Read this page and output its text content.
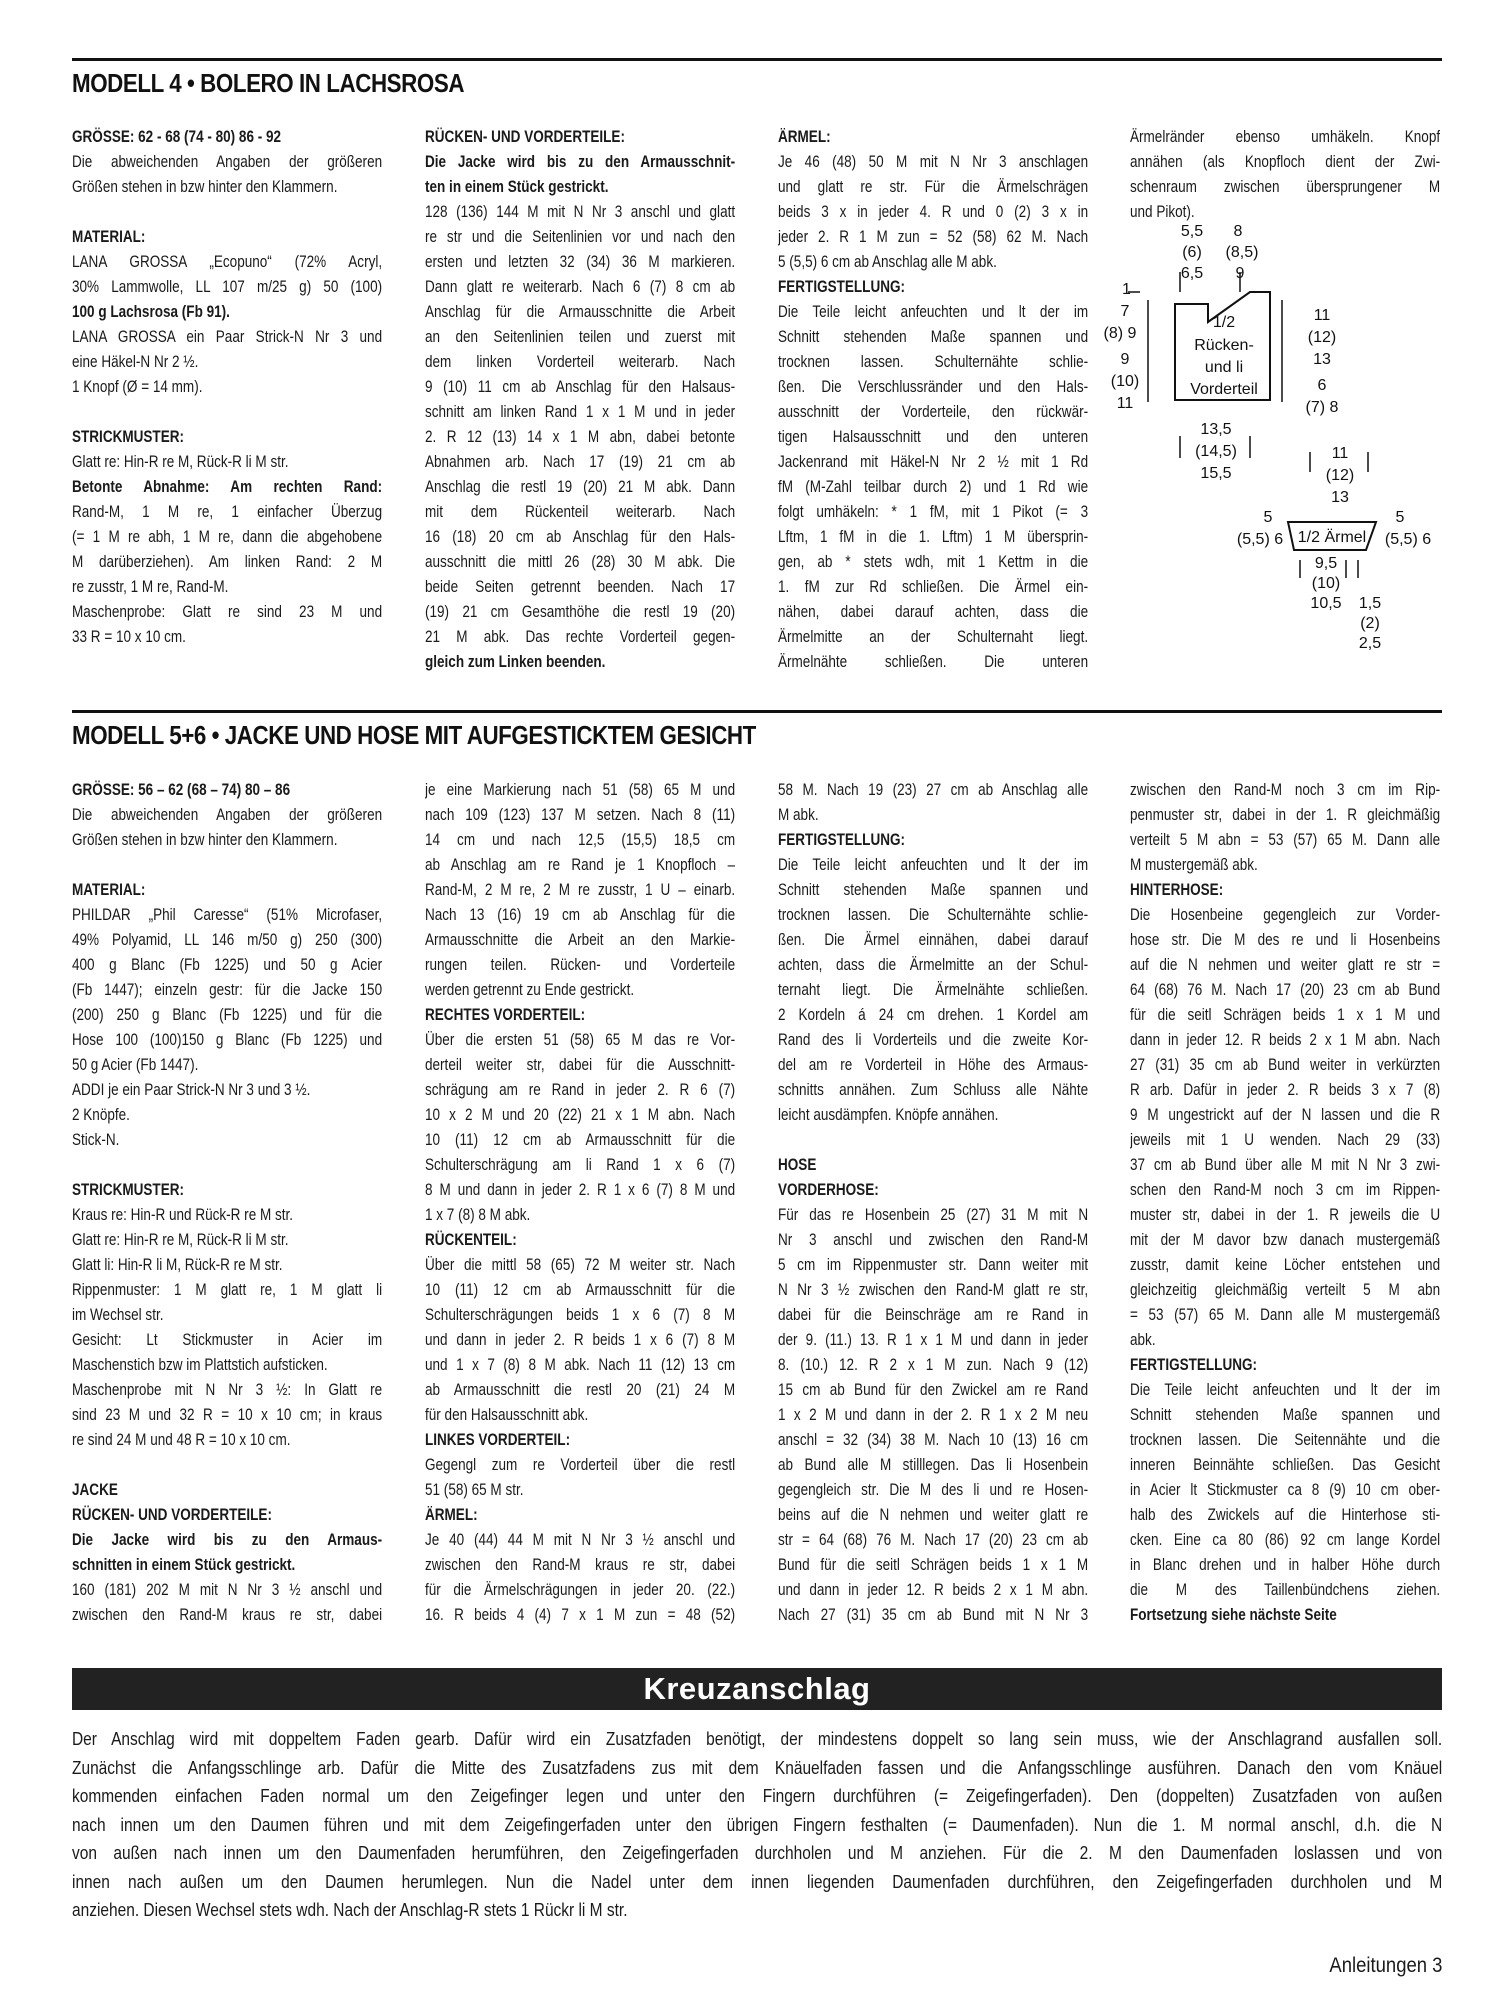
MODELL 4 • BOLERO IN LACHSROSA
GRÖSSE: 62 - 68 (74 - 80) 86 - 92
Die abweichenden Angaben der größeren
Größen stehen in bzw hinter den Klammern.
MATERIAL:
LANA GROSSA „Ecopuno“ (72% Acryl,
30% Lammwolle, LL 107 m/25 g) 50 (100)
100 g Lachsrosa (Fb 91).
LANA GROSSA ein Paar Strick-N Nr 3 und
eine Häkel-N Nr 2 ½.
1 Knopf (Ø = 14 mm).
STRICKMUSTER:
Glatt re: Hin-R re M, Rück-R li M str.
Betonte Abnahme: Am rechten Rand:
Rand-M, 1 M re, 1 einfacher Überzug
(= 1 M re abh, 1 M re, dann die abgehobene
M darüberziehen). Am linken Rand: 2 M
re zusstr, 1 M re, Rand-M.
Maschenprobe: Glatt re sind 23 M und
33 R = 10 x 10 cm.
RÜCKEN- UND VORDERTEILE:
Die Jacke wird bis zu den Armausschnit-
ten in einem Stück gestrickt.
128 (136) 144 M mit N Nr 3 anschl und glatt
re str und die Seitenlinien vor und nach den
ersten und letzten 32 (34) 36 M markieren.
Dann glatt re weiterarb. Nach 6 (7) 8 cm ab
Anschlag für die Armausschnitte die Arbeit
an den Seitenlinien teilen und zuerst mit
dem linken Vorderteil weiterarb. Nach
9 (10) 11 cm ab Anschlag für den Halsaus-
schnitt am linken Rand 1 x 1 M und in jeder
2. R 12 (13) 14 x 1 M abn, dabei betonte
Abnahmen arb. Nach 17 (19) 21 cm ab
Anschlag die restl 19 (20) 21 M abk. Dann
mit dem Rückenteil weiterarb. Nach
16 (18) 20 cm ab Anschlag für den Hals-
ausschnitt die mittl 26 (28) 30 M abk. Die
beide Seiten getrennt beenden. Nach 17
(19) 21 cm Gesamthöhe die restl 19 (20)
21 M abk. Das rechte Vorderteil gegen-
gleich zum Linken beenden.
ÄRMEL:
Je 46 (48) 50 M mit N Nr 3 anschlagen
und glatt re str. Für die Ärmelschrägen
beids 3 x in jeder 4. R und 0 (2) 3 x in
jeder 2. R 1 M zun = 52 (58) 62 M. Nach
5 (5,5) 6 cm ab Anschlag alle M abk.
FERTIGSTELLUNG:
Die Teile leicht anfeuchten und lt der im
Schnitt stehenden Maße spannen und
trocknen lassen. Schulternähte schlie-
ßen. Die Verschlussränder und den Hals-
ausschnitt der Vorderteile, den rückwär-
tigen Halsausschnitt und den unteren
Jackenrand mit Häkel-N Nr 2 ½ mit 1 Rd
fM (M-Zahl teilbar durch 2) und 1 Rd wie
folgt umhäkeln: * 1 fM, mit 1 Pikot (= 3
Lftm, 1 fM in die 1. Lftm) 1 M übersprin-
gen, ab * stets wdh, mit 1 Kettm in die
1. fM zur Rd schließen. Die Ärmel ein-
nähen, dabei darauf achten, dass die
Ärmelmitte an der Schulternaht liegt.
Ärmelnähte schließen. Die unteren
Ärmelränder ebenso umhäkeln. Knopf
annähen (als Knopfloch dient der Zwi-
schenraum zwischen übersprungener M
und Pikot).
1/2
Rücken-
und li
Vorderteil
1/2 Ärmel
5,5
(6)
6,5
8
(8,5)
9
1
7
(8) 9
9
(10)
11
11
(12)
13
6
(7) 8
13,5
(14,5)
15,5
11
(12)
13
5
(5,5) 6
5
(5,5) 6
9,5
(10)
10,5 1,5
(2)
2,5
MODELL 5+6 • JACKE UND HOSE MIT AUFGESTICKTEM GESICHT
GRÖSSE: 56 – 62 (68 – 74) 80 – 86
Die abweichenden Angaben der größeren
Größen stehen in bzw hinter den Klammern.
MATERIAL:
PHILDAR „Phil Caresse“ (51% Microfaser,
49% Polyamid, LL 146 m/50 g) 250 (300)
400 g Blanc (Fb 1225) und 50 g Acier
(Fb 1447); einzeln gestr: für die Jacke 150
(200) 250 g Blanc (Fb 1225) und für die
Hose 100 (100)150 g Blanc (Fb 1225) und
50 g Acier (Fb 1447).
ADDI je ein Paar Strick-N Nr 3 und 3 ½.
2 Knöpfe.
Stick-N.
STRICKMUSTER:
Kraus re: Hin-R und Rück-R re M str.
Glatt re: Hin-R re M, Rück-R li M str.
Glatt li: Hin-R li M, Rück-R re M str.
Rippenmuster: 1 M glatt re, 1 M glatt li
im Wechsel str.
Gesicht: Lt Stickmuster in Acier im
Maschenstich bzw im Plattstich aufsticken.
Maschenprobe mit N Nr 3 ½: In Glatt re
sind 23 M und 32 R = 10 x 10 cm; in kraus
re sind 24 M und 48 R = 10 x 10 cm.
JACKE
RÜCKEN- UND VORDERTEILE:
Die Jacke wird bis zu den Armaus-
schnitten in einem Stück gestrickt.
160 (181) 202 M mit N Nr 3 ½ anschl und
zwischen den Rand-M kraus re str, dabei
je eine Markierung nach 51 (58) 65 M und
nach 109 (123) 137 M setzen. Nach 8 (11)
14 cm und nach 12,5 (15,5) 18,5 cm
ab Anschlag am re Rand je 1 Knopfloch –
Rand-M, 2 M re, 2 M re zusstr, 1 U – einarb.
Nach 13 (16) 19 cm ab Anschlag für die
Armausschnitte die Arbeit an den Markie-
rungen teilen. Rücken- und Vorderteile
werden getrennt zu Ende gestrickt.
RECHTES VORDERTEIL:
Über die ersten 51 (58) 65 M das re Vor-
derteil weiter str, dabei für die Ausschnitt-
schrägung am re Rand in jeder 2. R 6 (7)
10 x 2 M und 20 (22) 21 x 1 M abn. Nach
10 (11) 12 cm ab Armausschnitt für die
Schulterschrägung am li Rand 1 x 6 (7)
8 M und dann in jeder 2. R 1 x 6 (7) 8 M und
1 x 7 (8) 8 M abk.
RÜCKENTEIL:
Über die mittl 58 (65) 72 M weiter str. Nach
10 (11) 12 cm ab Armausschnitt für die
Schulterschrägungen beids 1 x 6 (7) 8 M
und dann in jeder 2. R beids 1 x 6 (7) 8 M
und 1 x 7 (8) 8 M abk. Nach 11 (12) 13 cm
ab Armausschnitt die restl 20 (21) 24 M
für den Halsausschnitt abk.
LINKES VORDERTEIL:
Gegengl zum re Vorderteil über die restl
51 (58) 65 M str.
ÄRMEL:
Je 40 (44) 44 M mit N Nr 3 ½ anschl und
zwischen den Rand-M kraus re str, dabei
für die Ärmelschrägungen in jeder 20. (22.)
16. R beids 4 (4) 7 x 1 M zun = 48 (52)
58 M. Nach 19 (23) 27 cm ab Anschlag alle
M abk.
FERTIGSTELLUNG:
Die Teile leicht anfeuchten und lt der im
Schnitt stehenden Maße spannen und
trocknen lassen. Die Schulternähte schlie-
ßen. Die Ärmel einnähen, dabei darauf
achten, dass die Ärmelmitte an der Schul-
ternaht liegt. Die Ärmelnähte schließen.
2 Kordeln á 24 cm drehen. 1 Kordel am
Rand des li Vorderteils und die zweite Kor-
del am re Vorderteil in Höhe des Armaus-
schnitts annähen. Zum Schluss alle Nähte
leicht ausdämpfen. Knöpfe annähen.
HOSE
VORDERHOSE:
Für das re Hosenbein 25 (27) 31 M mit N
Nr 3 anschl und zwischen den Rand-M
5 cm im Rippenmuster str. Dann weiter mit
N Nr 3 ½ zwischen den Rand-M glatt re str,
dabei für die Beinschräge am re Rand in
der 9. (11.) 13. R 1 x 1 M und dann in jeder
8. (10.) 12. R 2 x 1 M zun. Nach 9 (12)
15 cm ab Bund für den Zwickel am re Rand
1 x 2 M und dann in der 2. R 1 x 2 M neu
anschl = 32 (34) 38 M. Nach 10 (13) 16 cm
ab Bund alle M stilllegen. Das li Hosenbein
gegengleich str. Die M des li und re Hosen-
beins auf die N nehmen und weiter glatt re
str = 64 (68) 76 M. Nach 17 (20) 23 cm ab
Bund für die seitl Schrägen beids 1 x 1 M
und dann in jeder 12. R beids 2 x 1 M abn.
Nach 27 (31) 35 cm ab Bund mit N Nr 3
zwischen den Rand-M noch 3 cm im Rip-
penmuster str, dabei in der 1. R gleichmäßig
verteilt 5 M abn = 53 (57) 65 M. Dann alle
M mustergemäß abk.
HINTERHOSE:
Die Hosenbeine gegengleich zur Vorder-
hose str. Die M des re und li Hosenbeins
auf die N nehmen und weiter glatt re str =
64 (68) 76 M. Nach 17 (20) 23 cm ab Bund
für die seitl Schrägen beids 1 x 1 M und
dann in jeder 12. R beids 2 x 1 M abn. Nach
27 (31) 35 cm ab Bund weiter in verkürzten
R arb. Dafür in jeder 2. R beids 3 x 7 (8)
9 M ungestrickt auf der N lassen und die R
jeweils mit 1 U wenden. Nach 29 (33)
37 cm ab Bund über alle M mit N Nr 3 zwi-
schen den Rand-M noch 3 cm im Rippen-
muster str, dabei in der 1. R jeweils die U
mit der M davor bzw danach mustergemäß
zusstr, damit keine Löcher entstehen und
gleichzeitig gleichmäßig verteilt 5 M abn
= 53 (57) 65 M. Dann alle M mustergemäß
abk.
FERTIGSTELLUNG:
Die Teile leicht anfeuchten und lt der im
Schnitt stehenden Maße spannen und
trocknen lassen. Die Seitennähte und die
inneren Beinnähte schließen. Das Gesicht
in Acier lt Stickmuster ca 8 (9) 10 cm ober-
halb des Zwickels auf die Hinterhose sti-
cken. Eine ca 80 (86) 92 cm lange Kordel
in Blanc drehen und in halber Höhe durch
die M des Taillenbündchens ziehen.
Fortsetzung siehe nächste Seite
Kreuzanschlag
Der Anschlag wird mit doppeltem Faden gearb. Dafür wird ein Zusatzfaden benötigt, der mindestens doppelt so lang sein muss, wie der Anschlagrand ausfallen soll.
Zunächst die Anfangsschlinge arb. Dafür die Mitte des Zusatzfadens zus mit dem Knäuelfaden fassen und die Anfangsschlinge ausführen. Danach den vom Knäuel
kommenden einfachen Faden normal um den Zeigefinger legen und unter den Fingern durchführen (= Zeigefingerfaden). Den (doppelten) Zusatzfaden von außen
nach innen um den Daumen führen und mit dem Zeigefingerfaden unter den übrigen Fingern festhalten (= Daumenfaden). Nun die 1. M normal anschl, d.h. die N
von außen nach innen um den Daumenfaden herumführen, den Zeigefingerfaden durchholen und M anziehen. Für die 2. M den Daumenfaden loslassen und von
innen nach außen um den Daumen herumlegen. Nun die Nadel unter dem innen liegenden Daumenfaden durchführen, den Zeigefingerfaden durchholen und M
anziehen. Diesen Wechsel stets wdh. Nach der Anschlag-R stets 1 Rückr li M str.
Anleitungen 3
